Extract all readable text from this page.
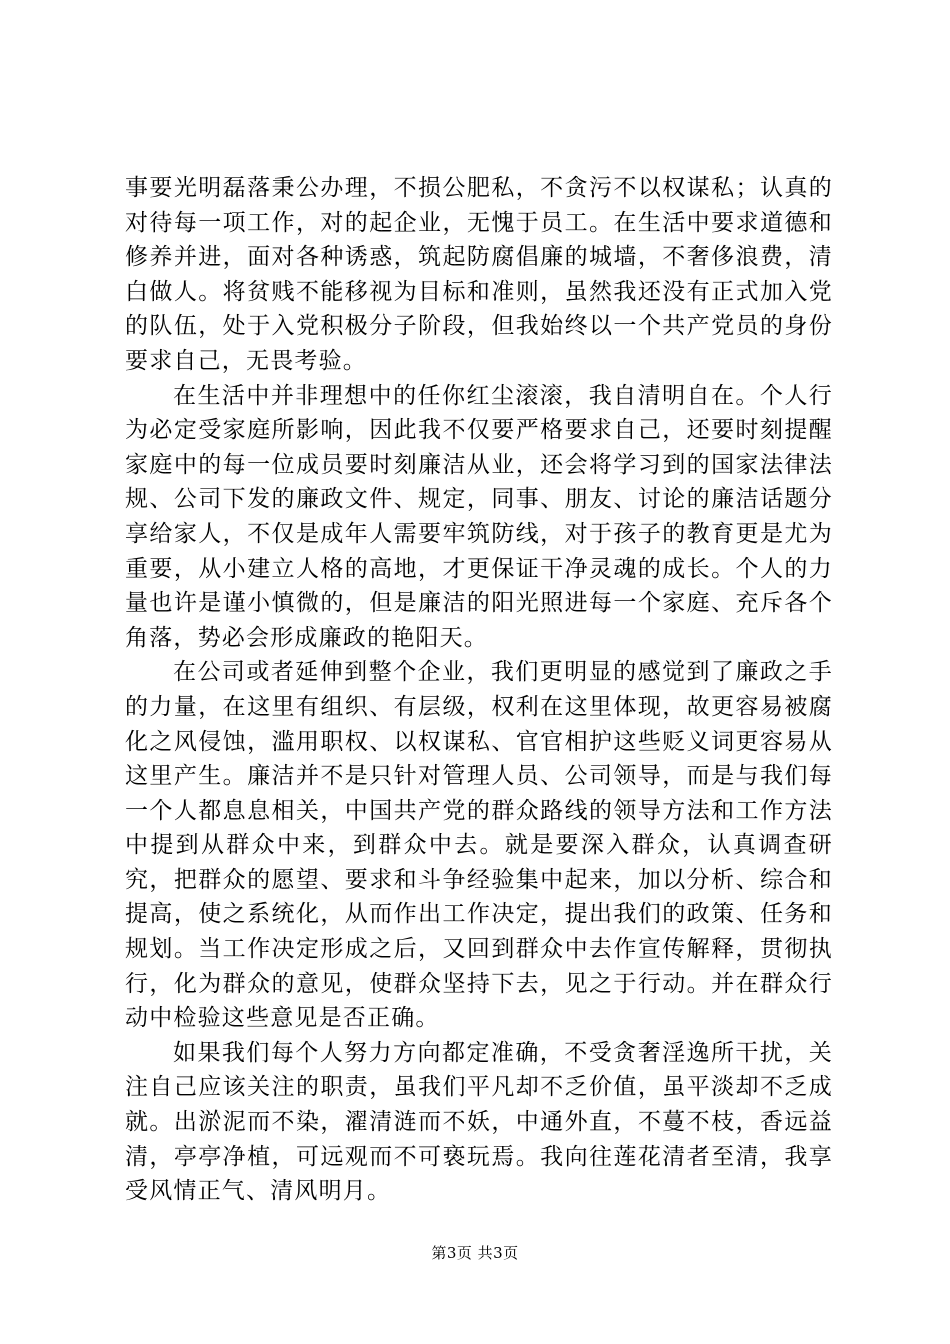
事要光明磊落秉公办理，不损公肥私，不贪污不以权谋私；认真的对待每一项工作，对的起企业，无愧于员工。在生活中要求道德和修养并进，面对各种诱惑，筑起防腐倡廉的城墙，不奢侈浪费，清白做人。将贫贱不能移视为目标和准则，虽然我还没有正式加入党的队伍，处于入党积极分子阶段，但我始终以一个共产党员的身份要求自己，无畏考验。

在生活中并非理想中的任你红尘滚滚，我自清明自在。个人行为必定受家庭所影响，因此我不仅要严格要求自己，还要时刻提醒家庭中的每一位成员要时刻廉洁从业，还会将学习到的国家法律法规、公司下发的廉政文件、规定，同事、朋友、讨论的廉洁话题分享给家人，不仅是成年人需要牢筑防线，对于孩子的教育更是尤为重要，从小建立人格的高地，才更保证干净灵魂的成长。个人的力量也许是谨小慎微的，但是廉洁的阳光照进每一个家庭、充斥各个角落，势必会形成廉政的艳阳天。

在公司或者延伸到整个企业，我们更明显的感觉到了廉政之手的力量，在这里有组织、有层级，权利在这里体现，故更容易被腐化之风侵蚀，滥用职权、以权谋私、官官相护这些贬义词更容易从这里产生。廉洁并不是只针对管理人员、公司领导，而是与我们每一个人都息息相关，中国共产党的群众路线的领导方法和工作方法中提到从群众中来，到群众中去。就是要深入群众，认真调查研究，把群众的愿望、要求和斗争经验集中起来，加以分析、综合和提高，使之系统化，从而作出工作决定，提出我们的政策、任务和规划。当工作决定形成之后，又回到群众中去作宣传解释，贯彻执行，化为群众的意见，使群众坚持下去，见之于行动。并在群众行动中检验这些意见是否正确。

如果我们每个人努力方向都定准确，不受贪奢淫逸所干扰，关注自己应该关注的职责，虽我们平凡却不乏价值，虽平淡却不乏成就。出淤泥而不染，濯清涟而不妖，中通外直，不蔓不枝，香远益清，亭亭净植，可远观而不可亵玩焉。我向往莲花清者至清，我享受风情正气、清风明月。

第3页 共3页
